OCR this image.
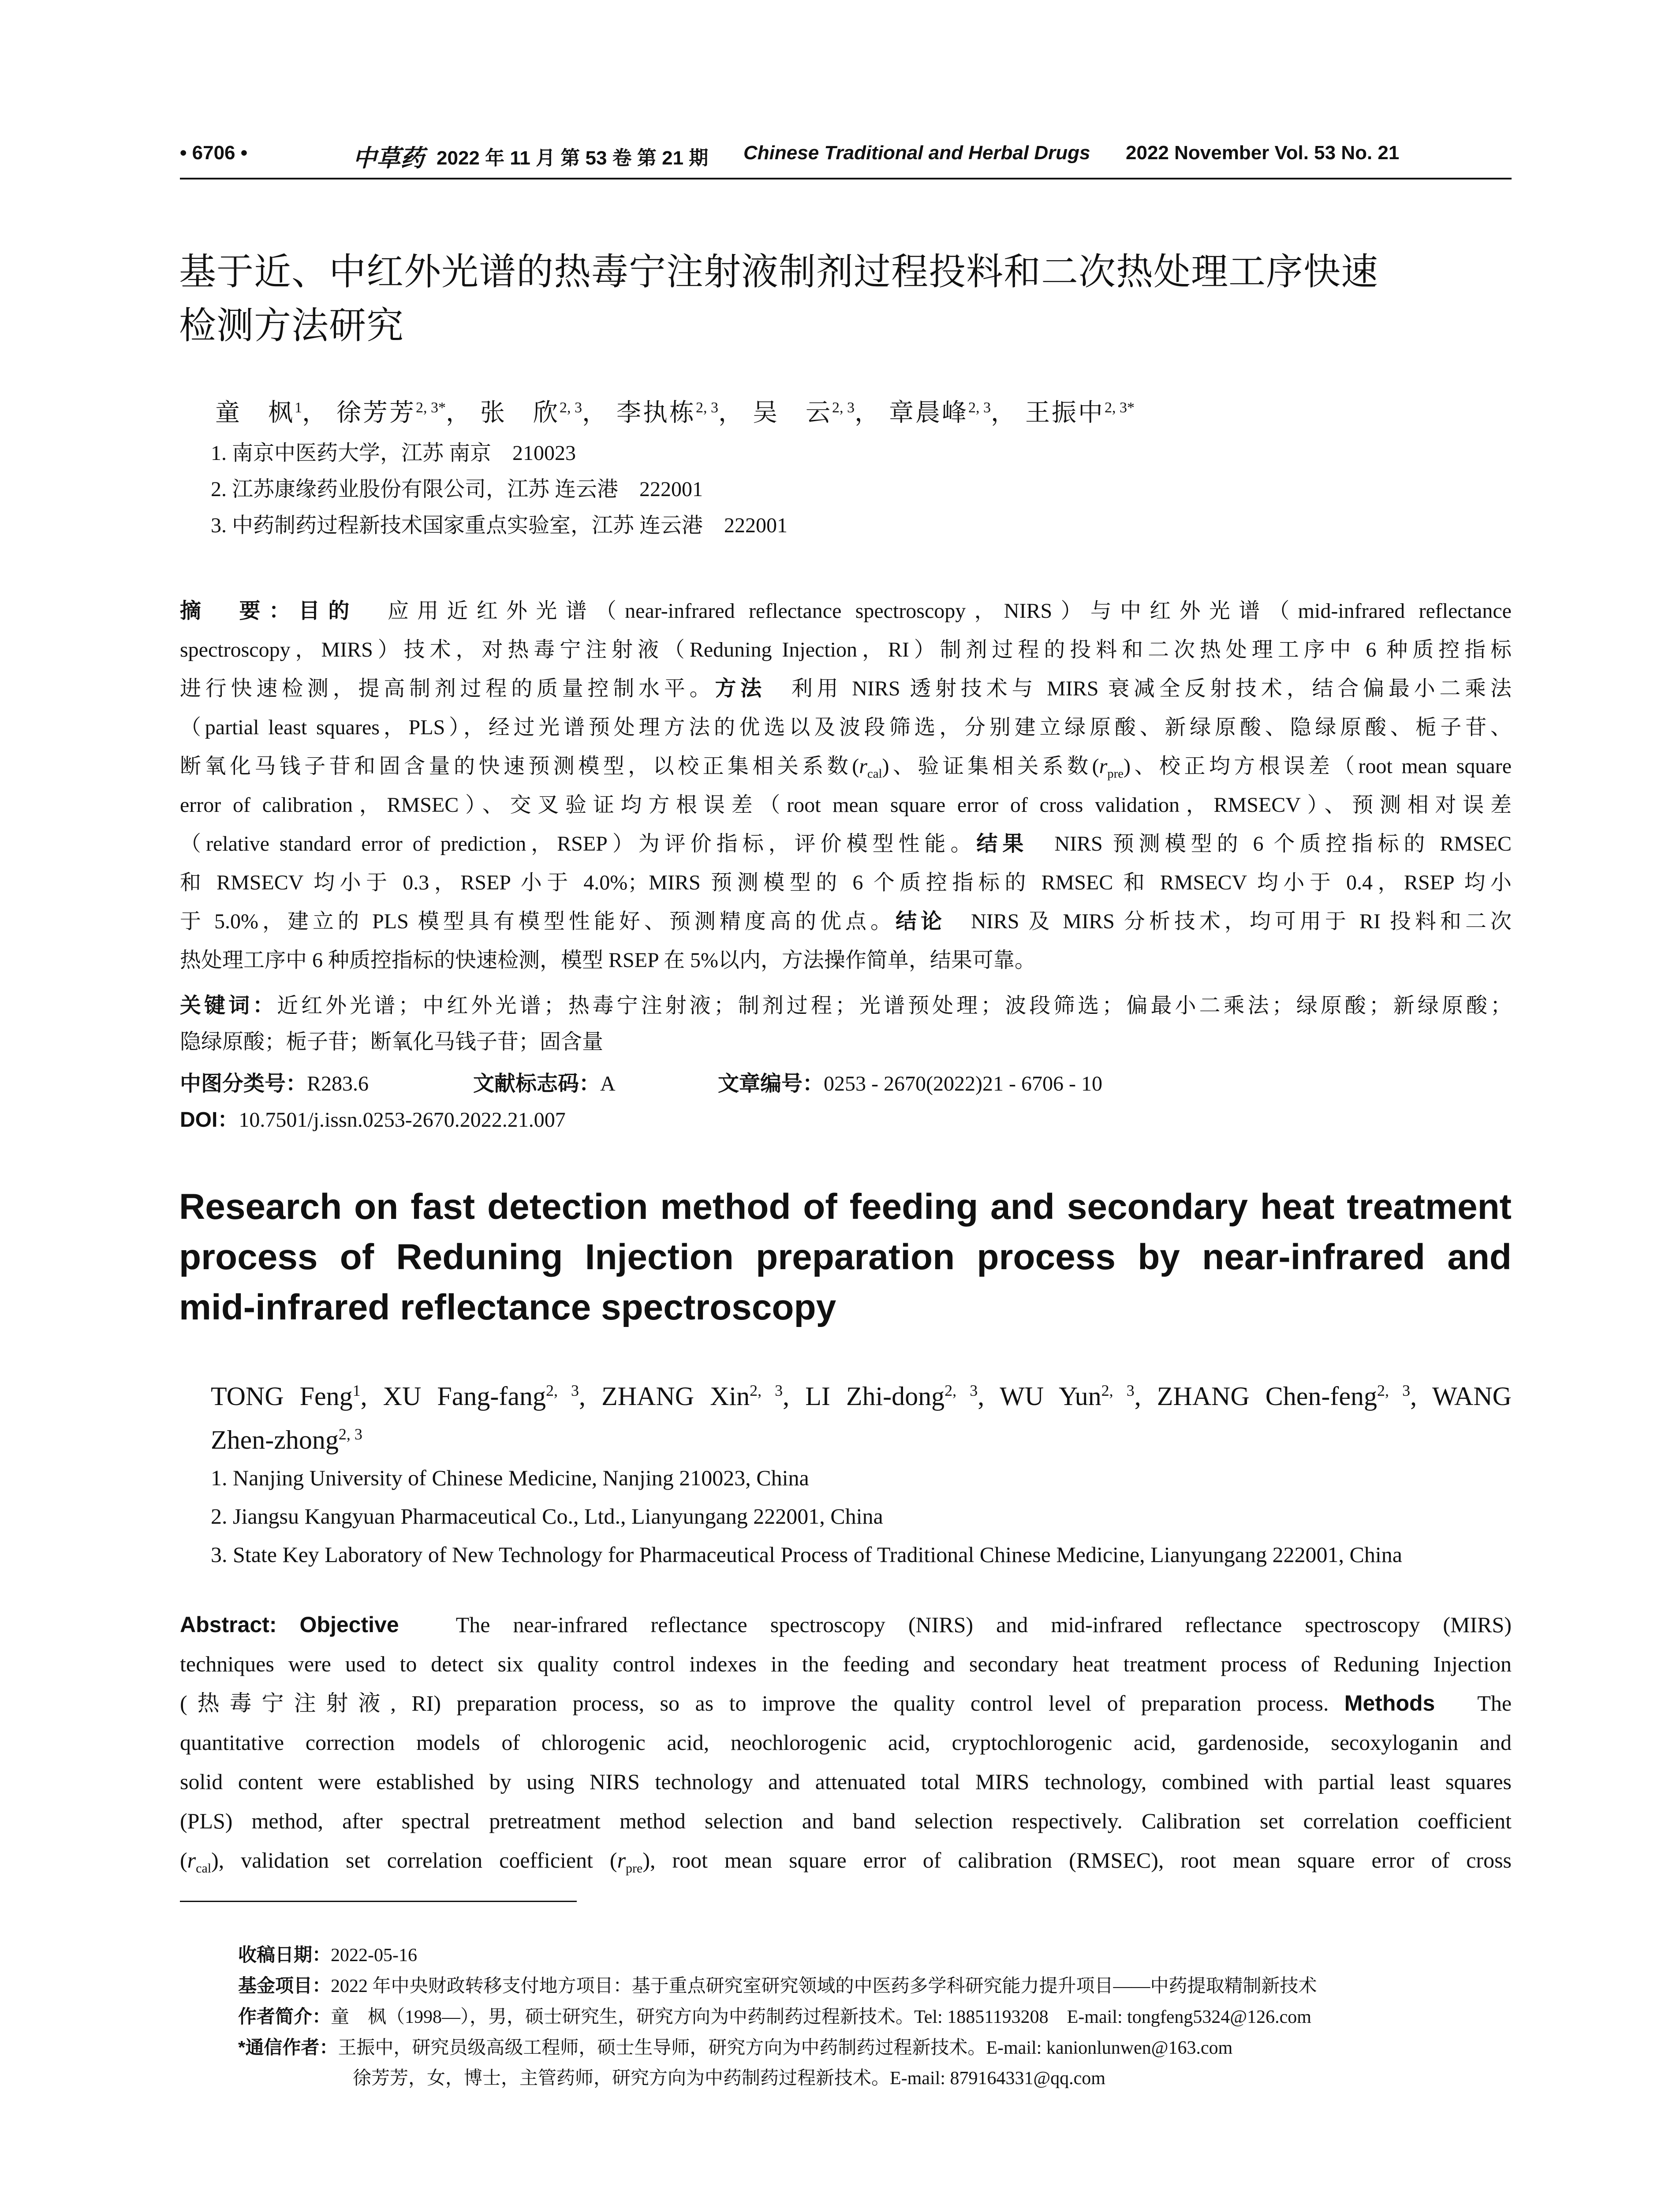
• 6706 •	中草药 2022 年 11 月 第 53 卷 第 21 期 Chinese Traditional and Herbal Drugs 2022 November Vol. 53 No. 21
基于近、中红外光谱的热毒宁注射液制剂过程投料和二次热处理工序快速
检测方法研究
童　枫$^1$， 徐芳芳$^{2, 3*}$， 张　欣$^{2, 3}$， 李执栋$^{2, 3}$， 吴　云$^{2, 3}$， 章晨峰$^{2, 3}$， 王振中$^{2, 3*}$
1. 南京中医药大学，江苏 南京　210023
2. 江苏康缘药业股份有限公司，江苏 连云港　222001
3. 中药制药过程新技术国家重点实验室，江苏 连云港　222001
摘　要：目的　 应用近红外光谱（near-infrared reflectance spectroscopy，NIRS）与中红外光谱（mid-infrared reflectance
spectroscopy，MIRS）技术，对热毒宁注射液（Reduning Injection，RI）制剂过程的投料和二次热处理工序中 6 种质控指标
进行快速检测，提高制剂过程的质量控制水平。方法　 利用 NIRS 透射技术与 MIRS 衰减全反射技术，结合偏最小二乘法
（partial least squares，PLS），经过光谱预处理方法的优选以及波段筛选，分别建立绿原酸、新绿原酸、隐绿原酸、栀子苷、
断氧化马钱子苷和固含量的快速预测模型，以校正集相关系数$(r_{cal})$、验证集相关系数$(r_{pre})$、校正均方根误差（root mean square
error of calibration，RMSEC）、交叉验证均方根误差（root mean square error of cross validation，RMSECV）、预测相对误差
（relative standard error of prediction，RSEP）为评价指标，评价模型性能。结果　 NIRS 预测模型的 6 个质控指标的 RMSEC
和 RMSECV 均小于 0.3，RSEP 小于 4.0%；MIRS 预测模型的 6 个质控指标的 RMSEC 和 RMSECV 均小于 0.4，RSEP 均小
于 5.0%，建立的 PLS 模型具有模型性能好、预测精度高的优点。结论　 NIRS 及 MIRS 分析技术，均可用于 RI 投料和二次
热处理工序中 6 种质控指标的快速检测，模型 RSEP 在 5%以内，方法操作简单，结果可靠。
关键词：近红外光谱；中红外光谱；热毒宁注射液；制剂过程；光谱预处理；波段筛选；偏最小二乘法；绿原酸；新绿原酸；
隐绿原酸；栀子苷；断氧化马钱子苷；固含量
中图分类号：R283.6	文献标志码：A	文章编号：0253 - 2670(2022)21 - 6706 - 10
DOI：10.7501/j.issn.0253-2670.2022.21.007
Research on fast detection method of feeding and secondary heat treatment
process of Reduning Injection preparation process by near-infrared and
mid-infrared reflectance spectroscopy
TONG Feng$^1$, XU Fang-fang$^{2, 3}$, ZHANG Xin$^{2, 3}$, LI Zhi-dong$^{2, 3}$, WU Yun$^{2, 3}$, ZHANG Chen-feng$^{2, 3}$, WANG
Zhen-zhong$^{2, 3}$
1. Nanjing University of Chinese Medicine, Nanjing 210023, China
2. Jiangsu Kangyuan Pharmaceutical Co., Ltd., Lianyungang 222001, China
3. State Key Laboratory of New Technology for Pharmaceutical Process of Traditional Chinese Medicine, Lianyungang 222001, China
Abstract: Objective　	The near-infrared reflectance spectroscopy (NIRS) and mid-infrared reflectance spectroscopy (MIRS)
techniques were used to detect six quality control indexes in the feeding and secondary heat treatment process of Reduning Injection
(热毒宁注射液, RI) preparation process, so as to improve the quality control level of preparation process. Methods　 The
quantitative correction models of chlorogenic acid, neochlorogenic acid, cryptochlorogenic acid, gardenoside, secoxyloganin and
solid content were established by using NIRS technology and attenuated total MIRS technology, combined with partial least squares
(PLS) method, after spectral pretreatment method selection and band selection respectively. Calibration set correlation coefficient
$(r_{cal})$, validation set correlation coefficient $(r_{pre})$, root mean square error of calibration (RMSEC), root mean square error of cross
收稿日期：2022-05-16
基金项目：2022 年中央财政转移支付地方项目：基于重点研究室研究领域的中医药多学科研究能力提升项目——中药提取精制新技术
作者简介：童　枫（1998—），男，硕士研究生，研究方向为中药制药过程新技术。Tel: 18851193208　E-mail: tongfeng5324@126.com
*通信作者：王振中，研究员级高级工程师，硕士生导师，研究方向为中药制药过程新技术。E-mail: kanionlunwen@163.com
徐芳芳，女，博士，主管药师，研究方向为中药制药过程新技术。E-mail: 879164331@qq.com
